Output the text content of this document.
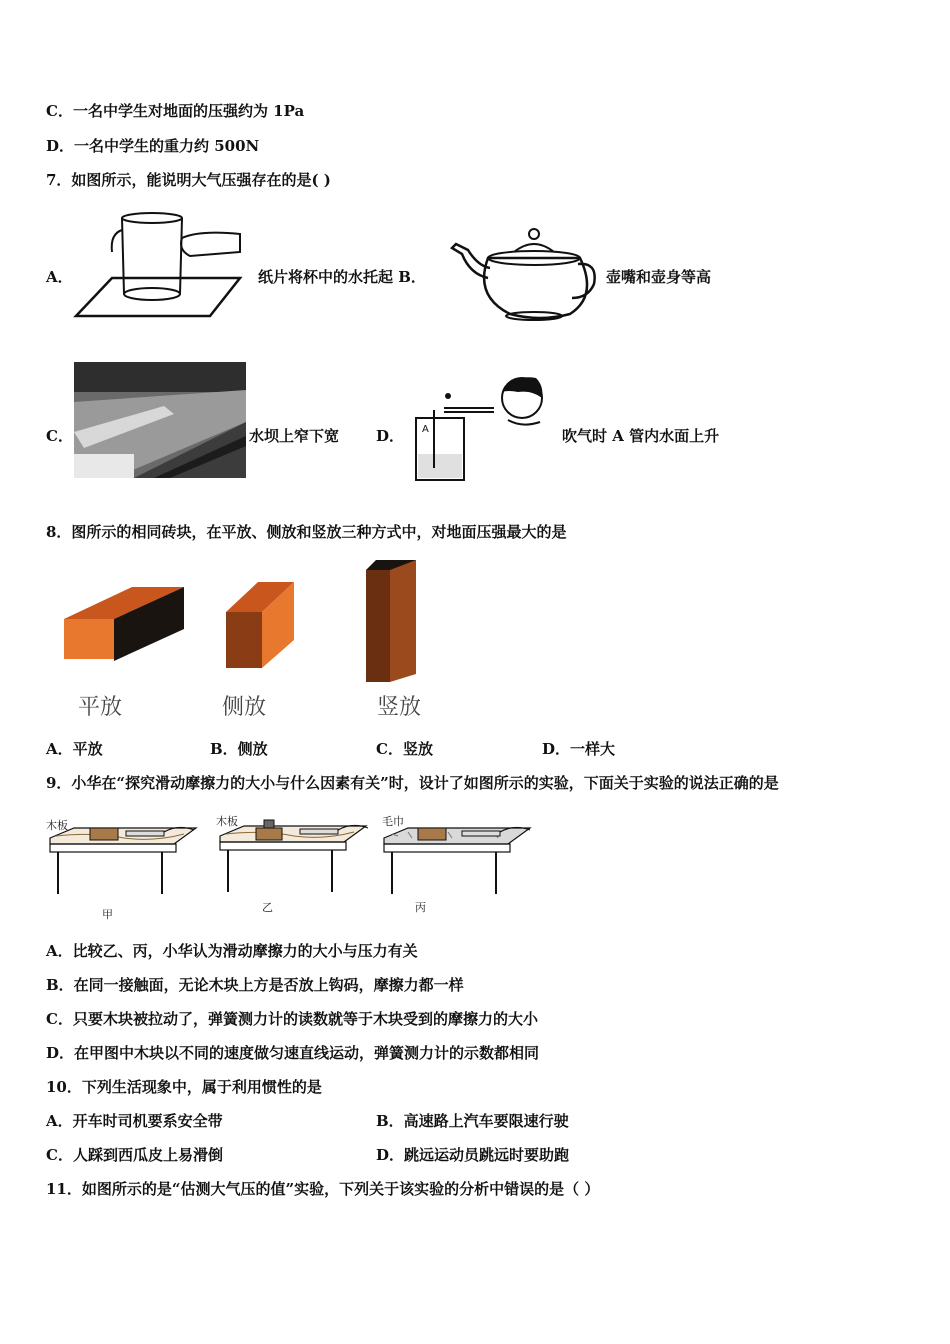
C．一名中学生对地面的压强约为 1Pa
D．一名中学生的重力约 500N
7．如图所示，能说明大气压强存在的是( )
A．	纸片将杯中的水托起 B．	壶嘴和壶身等高
C．	水坝上窄下宽 D． A	吹气时 A 管内水面上升
8．图所示的相同砖块，在平放、侧放和竖放三种方式中，对地面压强最大的是
平放	侧放	竖放
A．平放	B．侧放	C．竖放	D．一样大
9．小华在“探究滑动摩擦力的大小与什么因素有关”时，设计了如图所示的实验，下面关于实验的说法正确的是
木板
甲
木板
乙
毛巾
丙
A．比较乙、丙，小华认为滑动摩擦力的大小与压力有关
B．在同一接触面，无论木块上方是否放上钩码，摩擦力都一样
C．只要木块被拉动了，弹簧测力计的读数就等于木块受到的摩擦力的大小
D．在甲图中木块以不同的速度做匀速直线运动，弹簧测力计的示数都相同
10．下列生活现象中，属于利用惯性的是
A．开车时司机要系安全带	B．高速路上汽车要限速行驶
C．人踩到西瓜皮上易滑倒	D．跳远运动员跳远时要助跑
11．如图所示的是“估测大气压的值”实验，下列关于该实验的分析中错误的是（ ）
